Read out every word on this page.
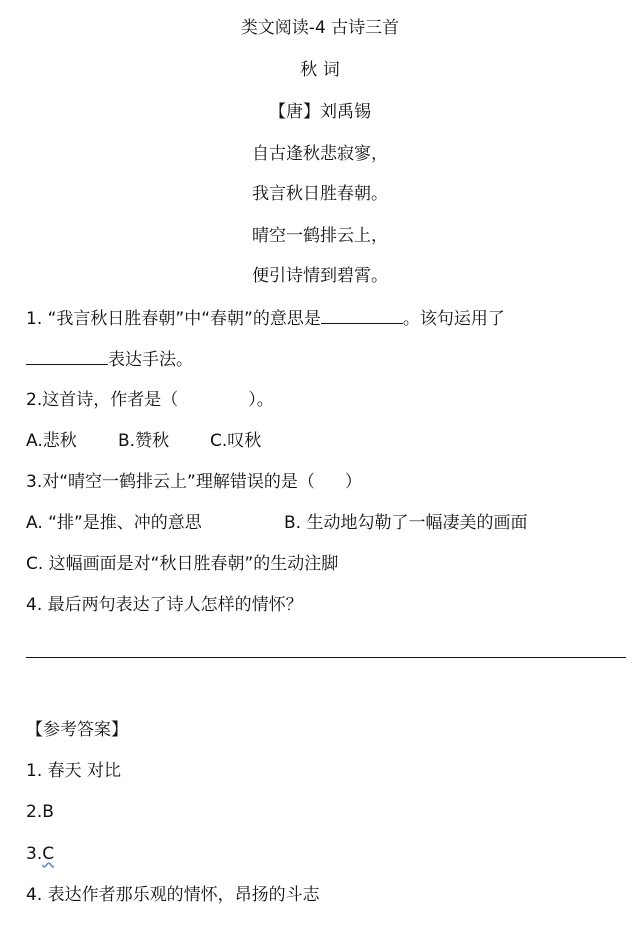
类文阅读-4 古诗三首
秋 词
【唐】刘禹锡
自古逢秋悲寂寥，
我言秋日胜春朝。
晴空一鹤排云上，
便引诗情到碧霄。
1. “我言秋日胜春朝”中“春朝”的意思是	。该句运用了
表达手法。
2.这首诗，作者是（	）。
A.悲秋 B.赞秋 C.叹秋
3.对“晴空一鹤排云上”理解错误的是（ ）
A. “排”是推、冲的意思	B. 生动地勾勒了一幅凄美的画面
C. 这幅画面是对“秋日胜春朝”的生动注脚
4. 最后两句表达了诗人怎样的情怀？
【参考答案】
1. 春天 对比
2.B
3.C
4. 表达作者那乐观的情怀，昂扬的斗志
